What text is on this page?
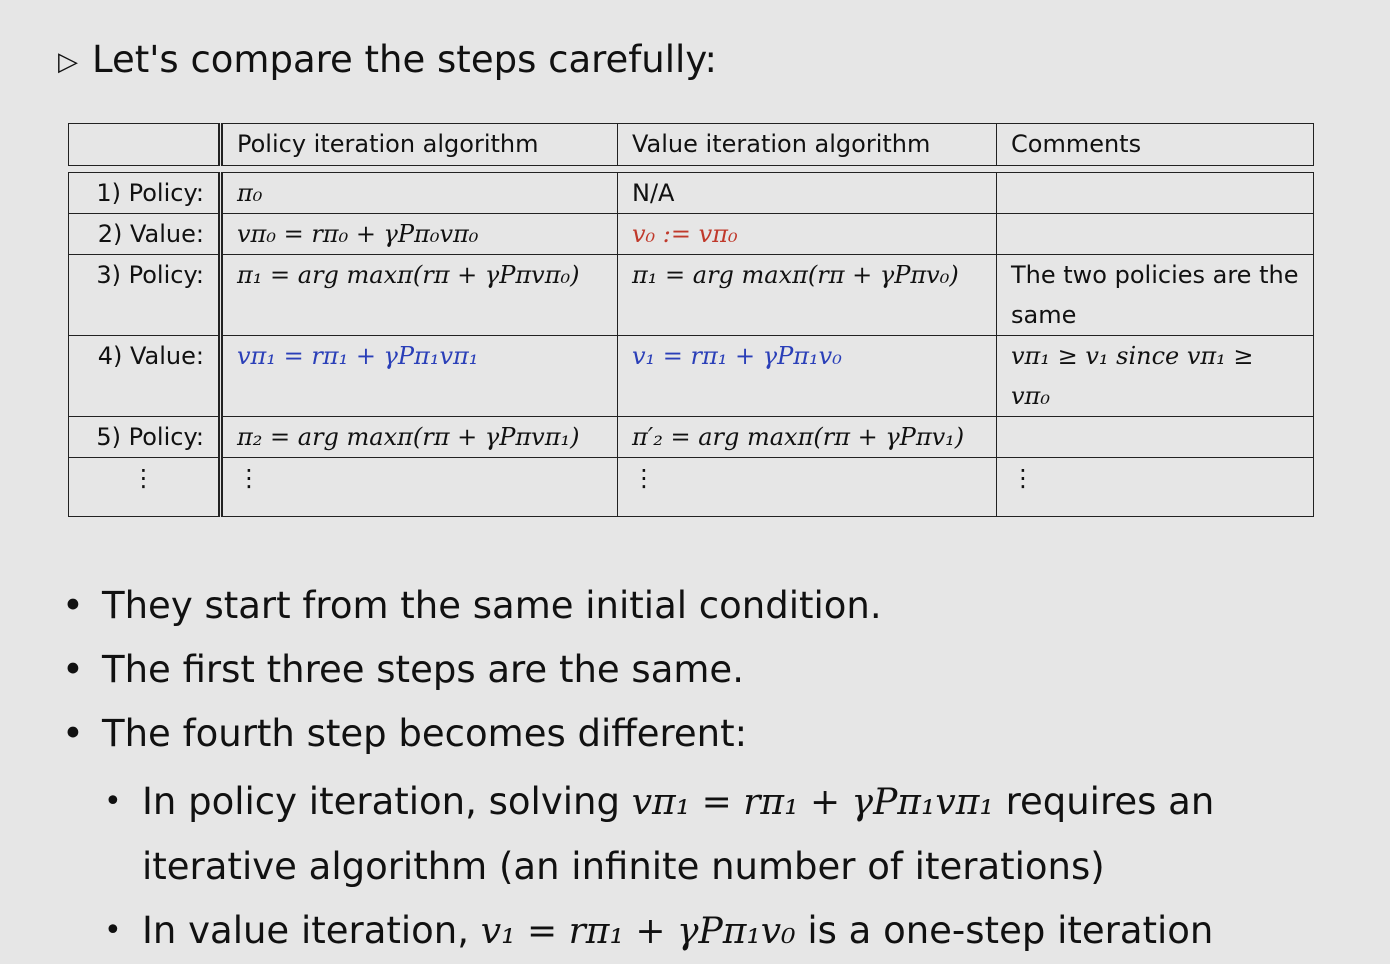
▷ Let's compare the steps carefully:
	Policy iteration algorithm	Value iteration algorithm	Comments

1) Policy:	π₀	N/A	
2) Value:	vπ₀ = rπ₀ + γPπ₀vπ₀	v₀ := vπ₀	
3) Policy:	π₁ = arg maxπ(rπ + γPπvπ₀)	π₁ = arg maxπ(rπ + γPπv₀)	The two policies are the same
4) Value:	vπ₁ = rπ₁ + γPπ₁vπ₁	v₁ = rπ₁ + γPπ₁v₀	vπ₁ ≥ v₁ since vπ₁ ≥ vπ₀
5) Policy:	π₂ = arg maxπ(rπ + γPπvπ₁)	π′₂ = arg maxπ(rπ + γPπv₁)	
⋮	⋮	⋮	⋮
• They start from the same initial condition.
• The first three steps are the same.
• The fourth step becomes different:
• In policy iteration, solving vπ₁ = rπ₁ + γPπ₁vπ₁ requires an iterative algorithm (an infinite number of iterations)
• In value iteration, v₁ = rπ₁ + γPπ₁v₀ is a one-step iteration
